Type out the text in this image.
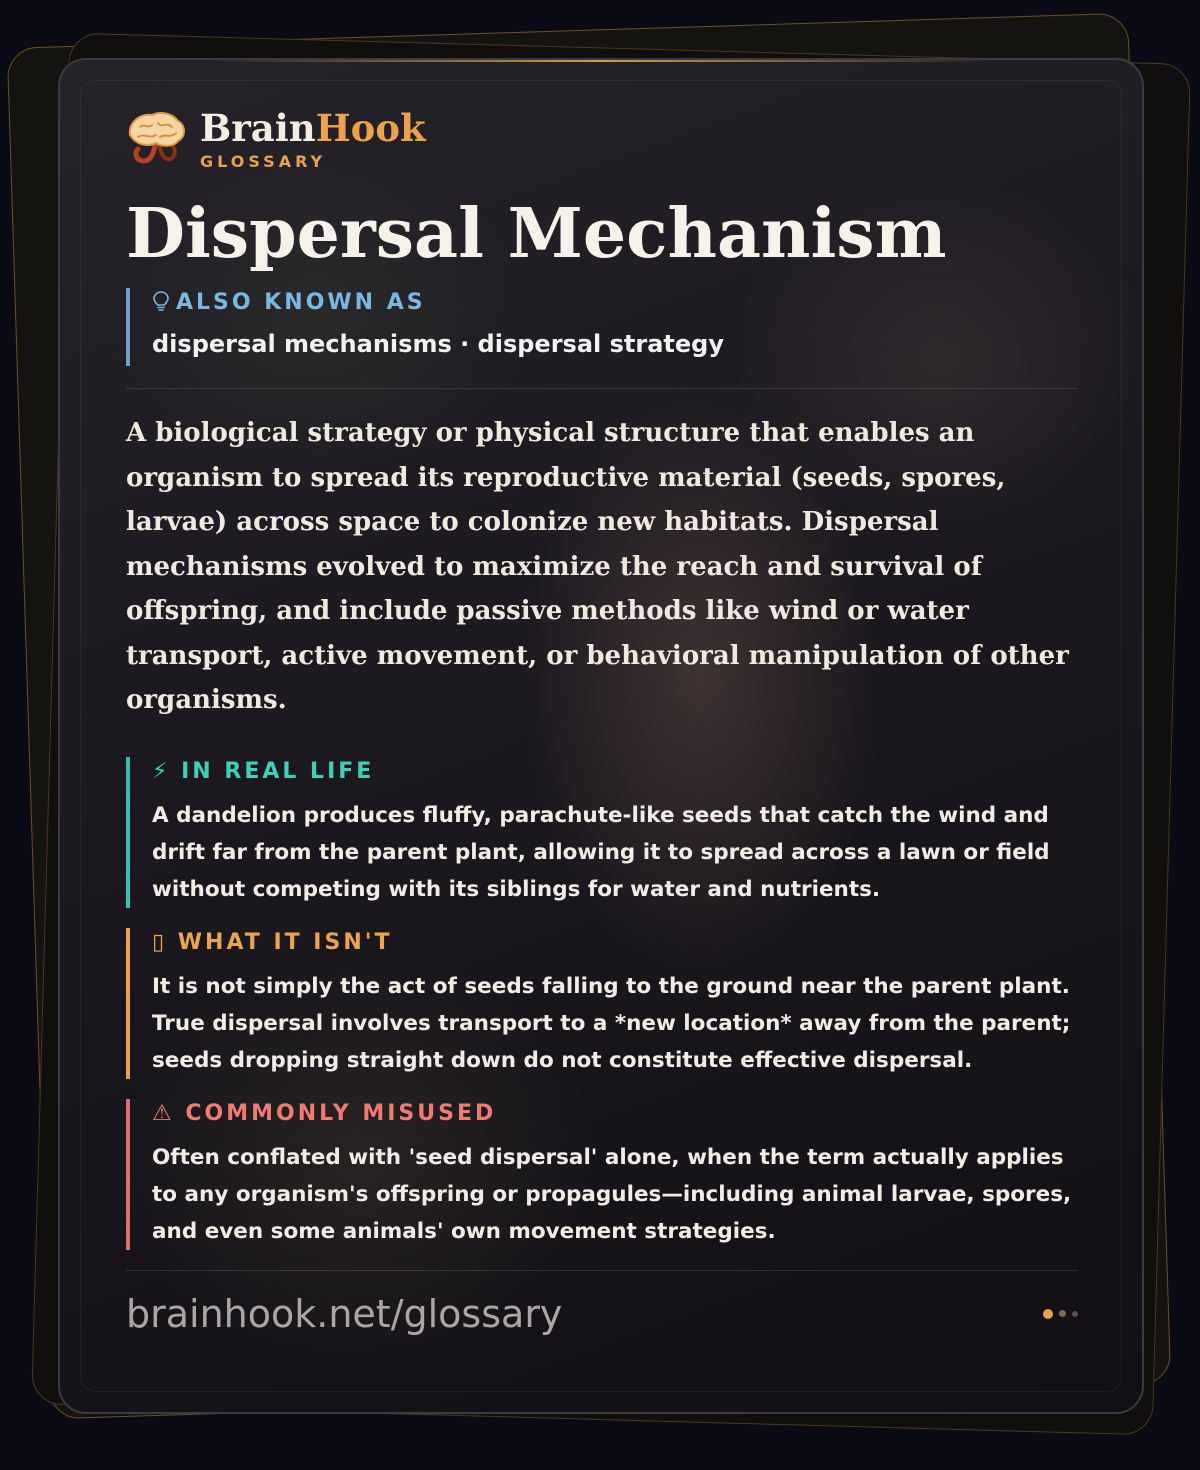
BrainHook
GLOSSARY
Dispersal Mechanism
ALSO KNOWN AS
dispersal mechanisms · dispersal strategy
A biological strategy or physical structure that enables an organism to spread its reproductive material (seeds, spores, larvae) across space to colonize new habitats. Dispersal mechanisms evolved to maximize the reach and survival of offspring, and include passive methods like wind or water transport, active movement, or behavioral manipulation of other organisms.
⚡ IN REAL LIFE
A dandelion produces fluffy, parachute-like seeds that catch the wind and drift far from the parent plant, allowing it to spread across a lawn or field without competing with its siblings for water and nutrients.
▯ WHAT IT ISN'T
It is not simply the act of seeds falling to the ground near the parent plant. True dispersal involves transport to a *new location* away from the parent; seeds dropping straight down do not constitute effective dispersal.
⚠ COMMONLY MISUSED
Often conflated with 'seed dispersal' alone, when the term actually applies to any organism's offspring or propagules—including animal larvae, spores, and even some animals' own movement strategies.
brainhook.net/glossary
